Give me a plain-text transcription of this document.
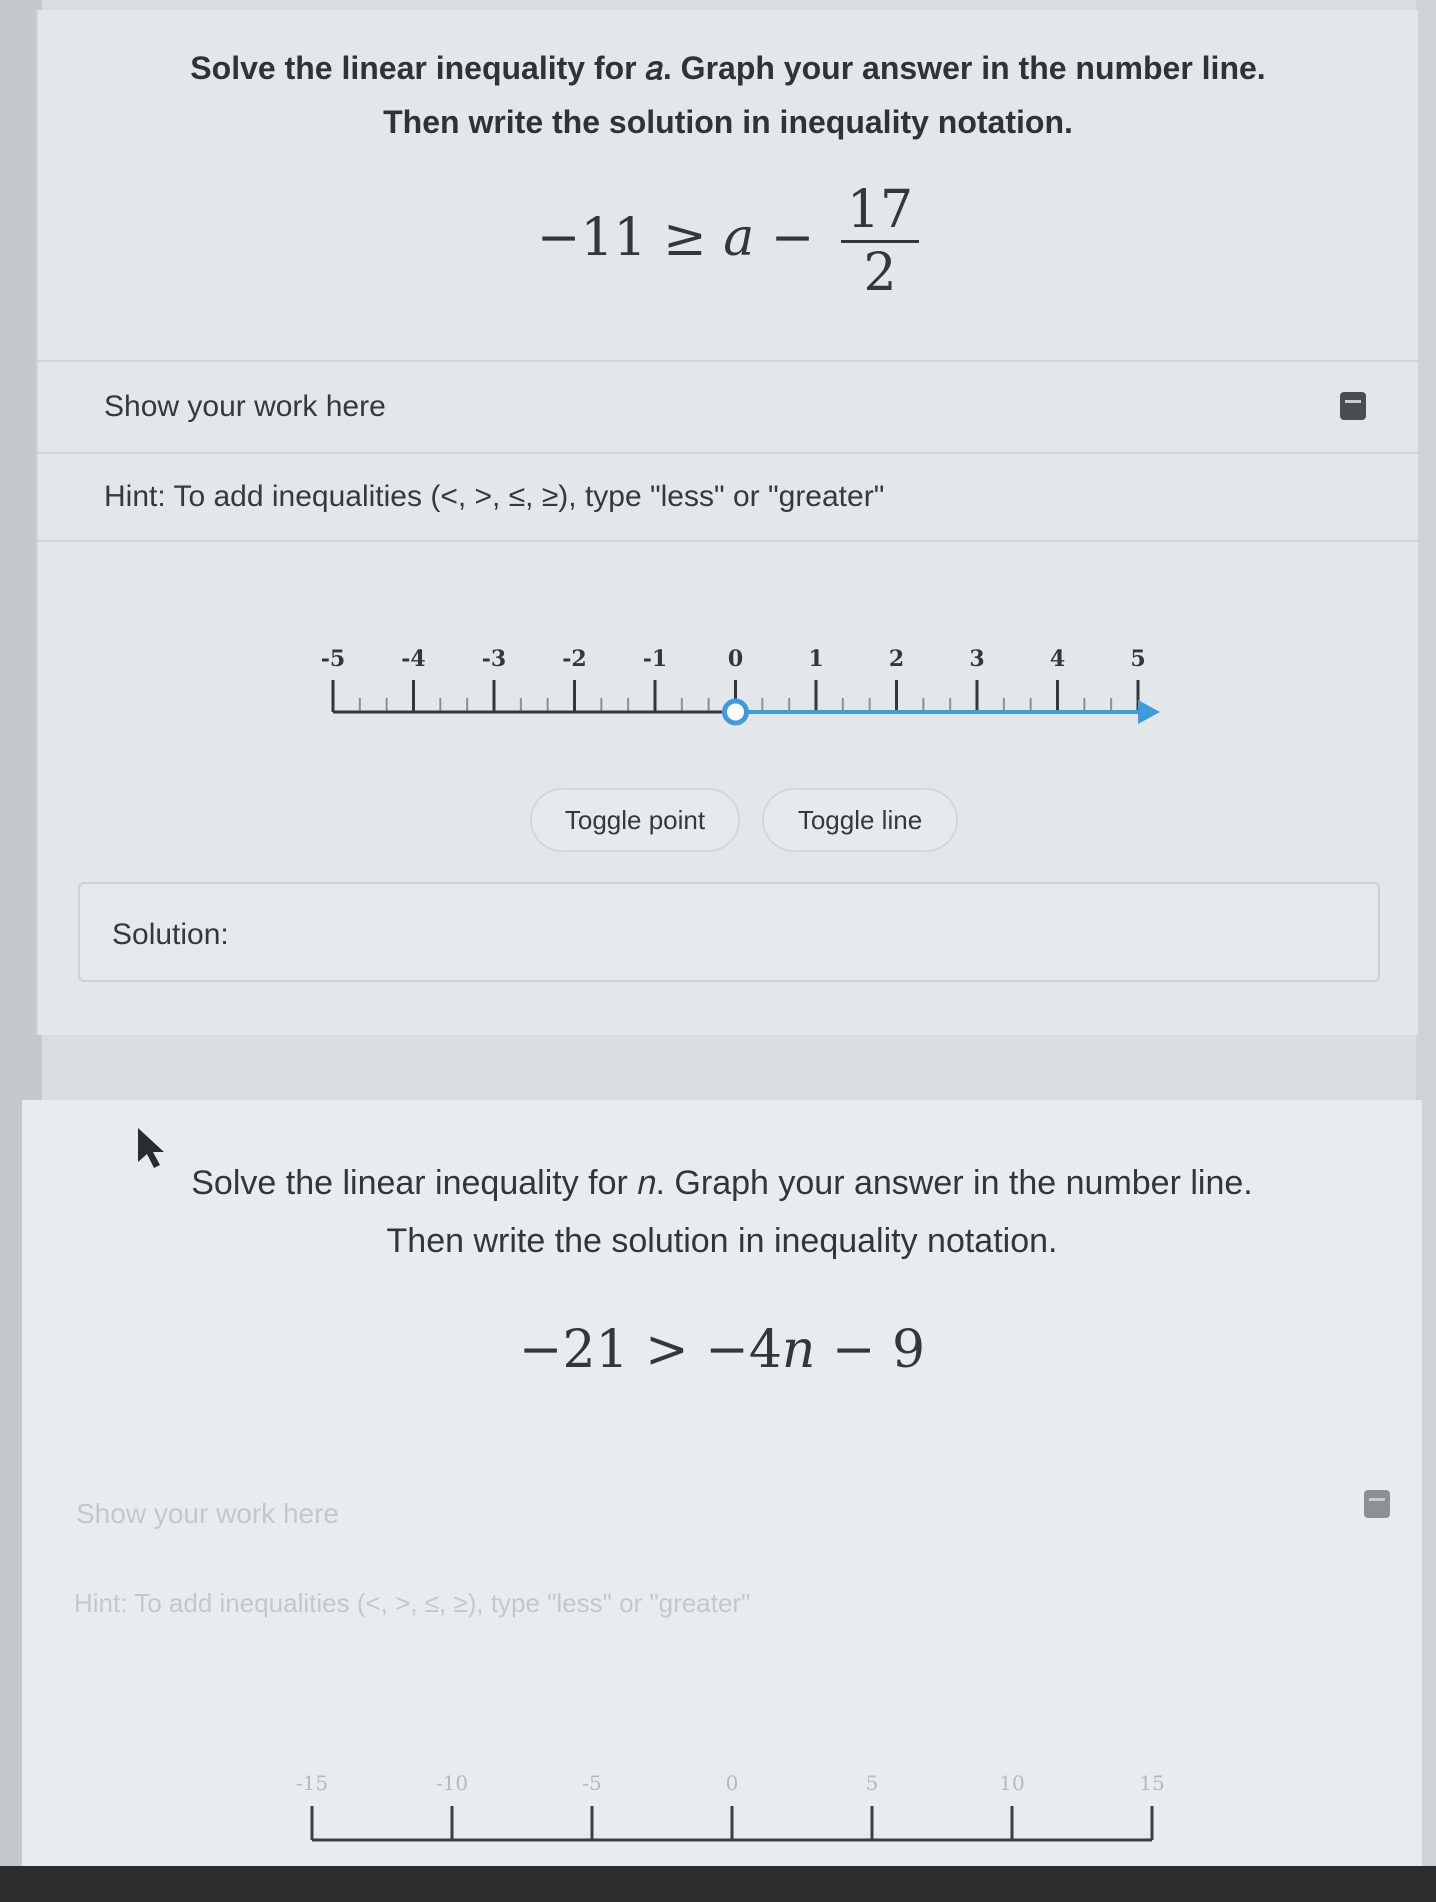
Solve the linear inequality for 𝑎. Graph your answer in the number line.
Then write the solution in inequality notation.
$-11 \ge a - \frac{17}{2}$
Show your work here
Hint: To add inequalities (<, >, ≤, ≥), type "less" or "greater"
-5	-4	-3	-2	-1	0	1	2	3	4	5
Toggle point	Toggle line
Solution:
Solve the linear inequality for 𝑛. Graph your answer in the number line.
Then write the solution in inequality notation.
−21 > −4𝑛 − 9
Show your work here
Hint: To add inequalities (<, >, ≤, ≥), type "less" or "greater"
-15	-10	-5	0	5	10	15
